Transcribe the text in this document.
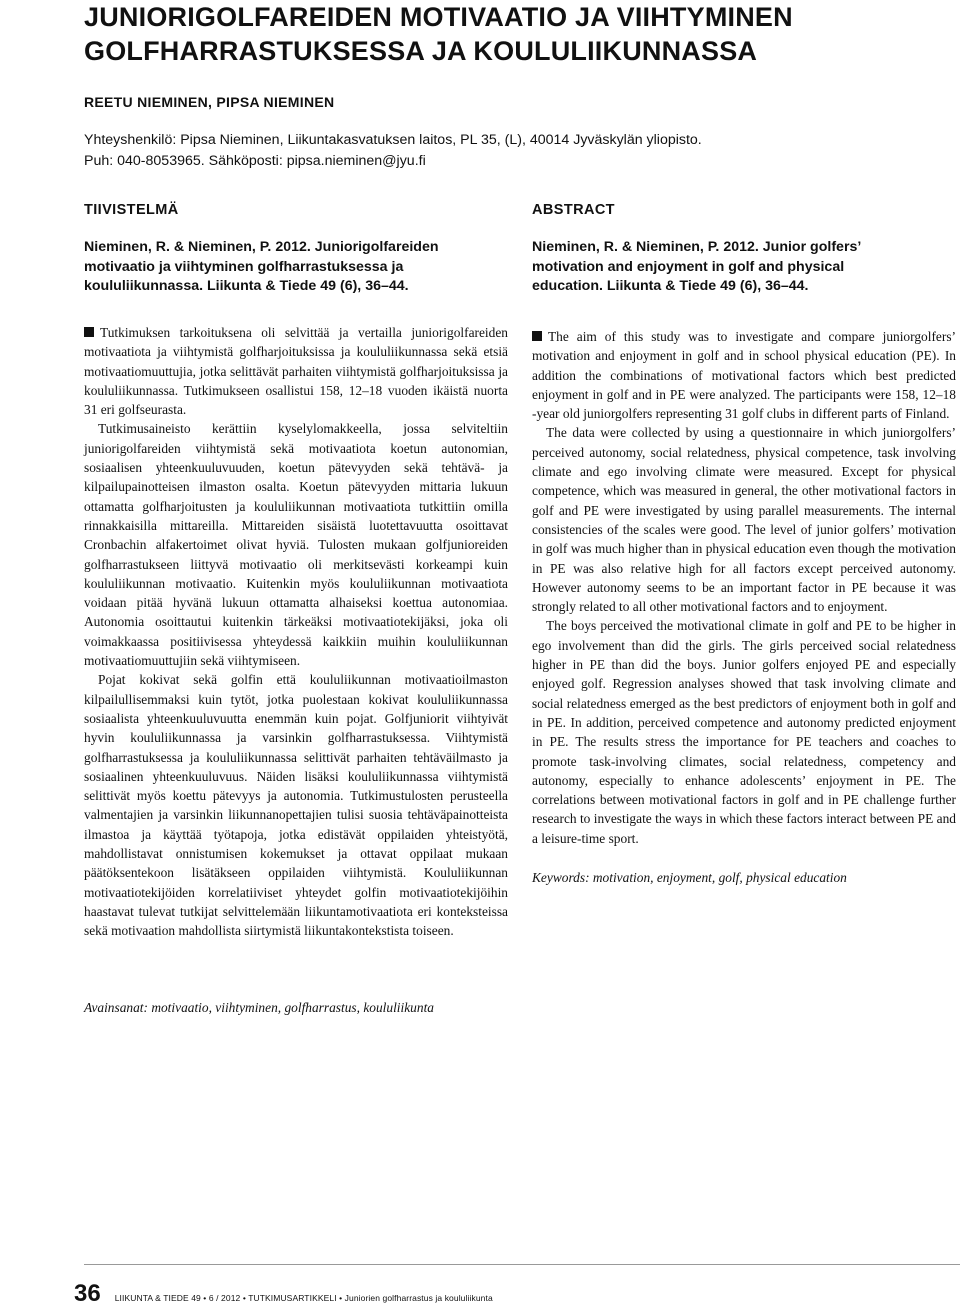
JUNIORIGOLFAREIDEN MOTIVAATIO JA VIIHTYMINEN
GOLFHARRASTUKSESSA JA KOULULIIKUNNASSA
REETU NIEMINEN, PIPSA NIEMINEN
Yhteyshenkilö: Pipsa Nieminen, Liikuntakasvatuksen laitos, PL 35, (L), 40014 Jyväskylän yliopisto.
Puh: 040-8053965. Sähköposti: pipsa.nieminen@jyu.fi
TIIVISTELMÄ
Nieminen, R. & Nieminen, P. 2012. Juniorigolfareiden
motivaatio ja viihtyminen golfharrastuksessa ja
koululiikunnassa. Liikunta & Tiede 49 (6), 36–44.

Tutkimuksen tarkoituksena oli selvittää ja vertailla juniorigolfareiden motivaatiota ja viihtymistä golfharjoituksissa ja koululiikunnassa sekä etsiä motivaatiomuuttujia, jotka selittävät parhaiten viihtymistä golfharjoituksissa ja koululiikunnassa. Tutkimukseen osallistui 158, 12–18 vuoden ikäistä nuorta 31 eri golfseurasta.

Tutkimusaineisto kerättiin kyselylomakkeella, jossa selviteltiin juniorigolfareiden viihtymistä sekä motivaatiota koetun autonomian, sosiaalisen yhteenkuuluvuuden, koetun pätevyyden sekä tehtävä- ja kilpailupainotteisen ilmaston osalta. Koetun pätevyyden mittaria lukuun ottamatta golfharjoitusten ja koululiikunnan motivaatiota tutkittiin omilla rinnakkaisilla mittareilla. Mittareiden sisäistä luotettavuutta osoittavat Cronbachin alfakertoimet olivat hyviä. Tulosten mukaan golfjunioreiden golfharrastukseen liittyvä motivaatio oli merkitsevästi korkeampi kuin koululiikunnan motivaatio. Kuitenkin myös koululiikunnan motivaatiota voidaan pitää hyvänä lukuun ottamatta alhaiseksi koettua autonomiaa. Autonomia osoittautui kuitenkin tärkeäksi motivaatiotekijäksi, joka oli voimakkaassa positiivisessa yhteydessä kaikkiin muihin koululiikunnan motivaatiomuuttujiin sekä viihtymiseen.

Pojat kokivat sekä golfin että koululiikunnan motivaatioilmaston kilpailullisemmaksi kuin tytöt, jotka puolestaan kokivat koululiikunnassa sosiaalista yhteenkuuluvuutta enemmän kuin pojat. Golfjuniorit viihtyivät hyvin koululiikunnassa ja varsinkin golfharrastuksessa. Viihtymistä golfharrastuksessa ja koululiikunnassa selittivät parhaiten tehtäväilmasto ja sosiaalinen yhteenkuuluvuus. Näiden lisäksi koululiikunnassa viihtymistä selittivät myös koettu pätevyys ja autonomia. Tutkimustulosten perusteella valmentajien ja varsinkin liikunnanopettajien tulisi suosia tehtäväpainotteista ilmastoa ja käyttää työtapoja, jotka edistävät oppilaiden yhteistyötä, mahdollistavat onnistumisen kokemukset ja ottavat oppilaat mukaan päätöksentekoon lisätäkseen oppilaiden viihtymistä. Koululiikunnan motivaatiotekijöiden korrelatiiviset yhteydet golfin motivaatiotekijöihin haastavat tulevat tutkijat selvittelemään liikuntamotivaatiota eri konteksteissa sekä motivaation mahdollista siirtymistä liikuntakontekstista toiseen.

Avainsanat: motivaatio, viihtyminen, golfharrastus, koululiikunta
ABSTRACT
Nieminen, R. & Nieminen, P. 2012. Junior golfers’
motivation and enjoyment in golf and physical
education. Liikunta & Tiede 49 (6), 36–44.

The aim of this study was to investigate and compare juniorgolfers’ motivation and enjoyment in golf and in school physical education (PE). In addition the combinations of motivational factors which best predicted enjoyment in golf and in PE were analyzed. The participants were 158, 12–18 -year old juniorgolfers representing 31 golf clubs in different parts of Finland.

The data were collected by using a questionnaire in which juniorgolfers’ perceived autonomy, social relatedness, physical competence, task involving climate and ego involving climate were measured. Except for physical competence, which was measured in general, the other motivational factors in golf and PE were investigated by using parallel measurements. The internal consistencies of the scales were good. The level of junior golfers’ motivation in golf was much higher than in physical education even though the motivation in PE was also relative high for all factors except perceived autonomy. However autonomy seems to be an important factor in PE because it was strongly related to all other motivational factors and to enjoyment.

The boys perceived the motivational climate in golf and PE to be higher in ego involvement than did the girls. The girls perceived social relatedness higher in PE than did the boys. Junior golfers enjoyed PE and especially enjoyed golf. Regression analyses showed that task involving climate and social relatedness emerged as the best predictors of enjoyment both in golf and in PE. In addition, perceived competence and autonomy predicted enjoyment in PE. The results stress the importance for PE teachers and coaches to promote task-involving climates, social relatedness, competency and autonomy, especially to enhance adolescents’ enjoyment in PE. The correlations between motivational factors in golf and in PE challenge further research to investigate the ways in which these factors interact between PE and a leisure-time sport.

Keywords: motivation, enjoyment, golf, physical education

36 LIIKUNTA & TIEDE 49 • 6 / 2012 • TUTKIMUSARTIKKELI • Juniorien golfharrastus ja koululiikunta
